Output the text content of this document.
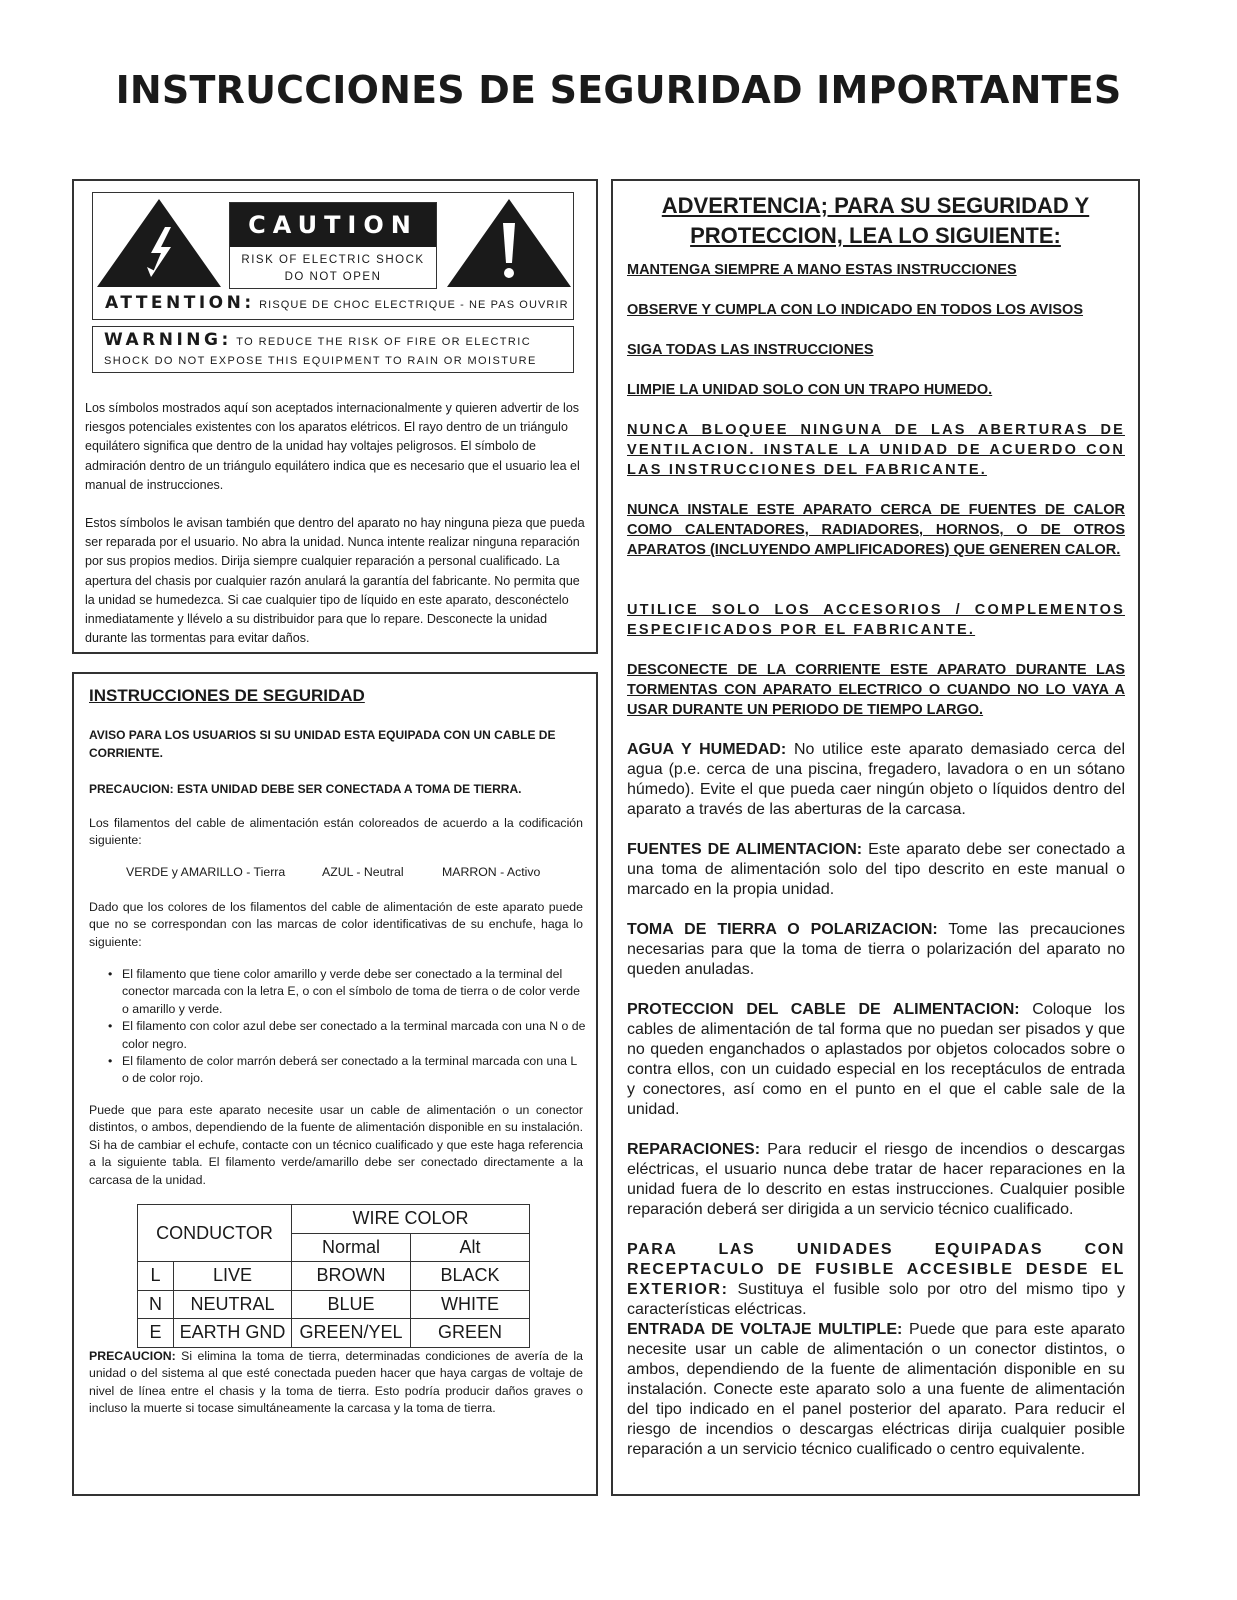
INSTRUCCIONES DE SEGURIDAD IMPORTANTES
CAUTION
RISK OF ELECTRIC SHOCK
DO NOT OPEN
ATTENTION: RISQUE DE CHOC ELECTRIQUE - NE PAS OUVRIR
WARNING: TO REDUCE THE RISK OF FIRE OR ELECTRIC
SHOCK DO NOT EXPOSE THIS EQUIPMENT TO RAIN OR MOISTURE
Los símbolos mostrados aquí son aceptados internacionalmente y quieren advertir de los riesgos potenciales existentes con los aparatos elétricos. El rayo dentro de un triángulo equilátero significa que dentro de la unidad hay voltajes peligrosos. El símbolo de admiración dentro de un triángulo equilátero indica que es necesario que el usuario lea el manual de instrucciones.
Estos símbolos le avisan también que dentro del aparato no hay ninguna pieza que pueda ser reparada por el usuario. No abra la unidad. Nunca intente realizar ninguna reparación por sus propios medios. Dirija siempre cualquier reparación a personal cualificado. La apertura del chasis por cualquier razón anulará la garantía del fabricante. No permita que la unidad se humedezca. Si cae cualquier tipo de líquido en este aparato, desconéctelo inmediatamente y llévelo a su distribuidor para que lo repare. Desconecte la unidad durante las tormentas para evitar daños.
INSTRUCCIONES DE SEGURIDAD
AVISO PARA LOS USUARIOS SI SU UNIDAD ESTA EQUIPADA CON UN CABLE DE CORRIENTE.
PRECAUCION: ESTA UNIDAD DEBE SER CONECTADA A TOMA DE TIERRA.
Los filamentos del cable de alimentación están coloreados de acuerdo a la codificación siguiente:
VERDE y AMARILLO - Tierra	AZUL - Neutral	MARRON - Activo
Dado que los colores de los filamentos del cable de alimentación de este aparato puede que no se correspondan con las marcas de color identificativas de su enchufe, haga lo siguiente:
• El filamento que tiene color amarillo y verde debe ser conectado a la terminal del conector marcada con la letra E, o con el símbolo de toma de tierra o de color verde o amarillo y verde.
• El filamento con color azul debe ser conectado a la terminal marcada con una N o de color negro.
• El filamento de color marrón deberá ser conectado a la terminal marcada con una L o de color rojo.
Puede que para este aparato necesite usar un cable de alimentación o un conector distintos, o ambos, dependiendo de la fuente de alimentación disponible en su instalación. Si ha de cambiar el echufe, contacte con un técnico cualificado y que este haga referencia a la siguiente tabla. El filamento verde/amarillo debe ser conectado directamente a la carcasa de la unidad.
CONDUCTOR		WIRE COLOR	
		Normal	Alt
L	LIVE	BROWN	BLACK
N	NEUTRAL	BLUE	WHITE
E	EARTH GND	GREEN/YEL	GREEN
PRECAUCION: Si elimina la toma de tierra, determinadas condiciones de avería de la unidad o del sistema al que esté conectada pueden hacer que haya cargas de voltaje de nivel de línea entre el chasis y la toma de tierra. Esto podría producir daños graves o incluso la muerte si tocase simultáneamente la carcasa y la toma de tierra.
ADVERTENCIA; PARA SU SEGURIDAD Y
PROTECCION, LEA LO SIGUIENTE:
MANTENGA SIEMPRE A MANO ESTAS INSTRUCCIONES
OBSERVE Y CUMPLA CON LO INDICADO EN TODOS LOS AVISOS
SIGA TODAS LAS INSTRUCCIONES
LIMPIE LA UNIDAD SOLO CON UN TRAPO HUMEDO.
NUNCA BLOQUEE NINGUNA DE LAS ABERTURAS DE VENTILACION. INSTALE LA UNIDAD DE ACUERDO CON LAS INSTRUCCIONES DEL FABRICANTE.
NUNCA INSTALE ESTE APARATO CERCA DE FUENTES DE CALOR COMO CALENTADORES, RADIADORES, HORNOS, O DE OTROS APARATOS (INCLUYENDO AMPLIFICADORES) QUE GENEREN CALOR.
UTILICE SOLO LOS ACCESORIOS / COMPLEMENTOS ESPECIFICADOS POR EL FABRICANTE.
DESCONECTE DE LA CORRIENTE ESTE APARATO DURANTE LAS TORMENTAS CON APARATO ELECTRICO O CUANDO NO LO VAYA A USAR DURANTE UN PERIODO DE TIEMPO LARGO.
AGUA Y HUMEDAD: No utilice este aparato demasiado cerca del agua (p.e. cerca de una piscina, fregadero, lavadora o en un sótano húmedo). Evite el que pueda caer ningún objeto o líquidos dentro del aparato a través de las aberturas de la carcasa.
FUENTES DE ALIMENTACION: Este aparato debe ser conectado a una toma de alimentación solo del tipo descrito en este manual o marcado en la propia unidad.
TOMA DE TIERRA O POLARIZACION: Tome las precauciones necesarias para que la toma de tierra o polarización del aparato no queden anuladas.
PROTECCION DEL CABLE DE ALIMENTACION: Coloque los cables de alimentación de tal forma que no puedan ser pisados y que no queden enganchados o aplastados por objetos colocados sobre o contra ellos, con un cuidado especial en los receptáculos de entrada y conectores, así como en el punto en el que el cable sale de la unidad.
REPARACIONES: Para reducir el riesgo de incendios o descargas eléctricas, el usuario nunca debe tratar de hacer reparaciones en la unidad fuera de lo descrito en estas instrucciones. Cualquier posible reparación deberá ser dirigida a un servicio técnico cualificado.
PARA LAS UNIDADES EQUIPADAS CON RECEPTACULO DE FUSIBLE ACCESIBLE DESDE EL EXTERIOR: Sustituya el fusible solo por otro del mismo tipo y características eléctricas.
ENTRADA DE VOLTAJE MULTIPLE: Puede que para este aparato necesite usar un cable de alimentación o un conector distintos, o ambos, dependiendo de la fuente de alimentación disponible en su instalación. Conecte este aparato solo a una fuente de alimentación del tipo indicado en el panel posterior del aparato. Para reducir el riesgo de incendios o descargas eléctricas dirija cualquier posible reparación a un servicio técnico cualificado o centro equivalente.
